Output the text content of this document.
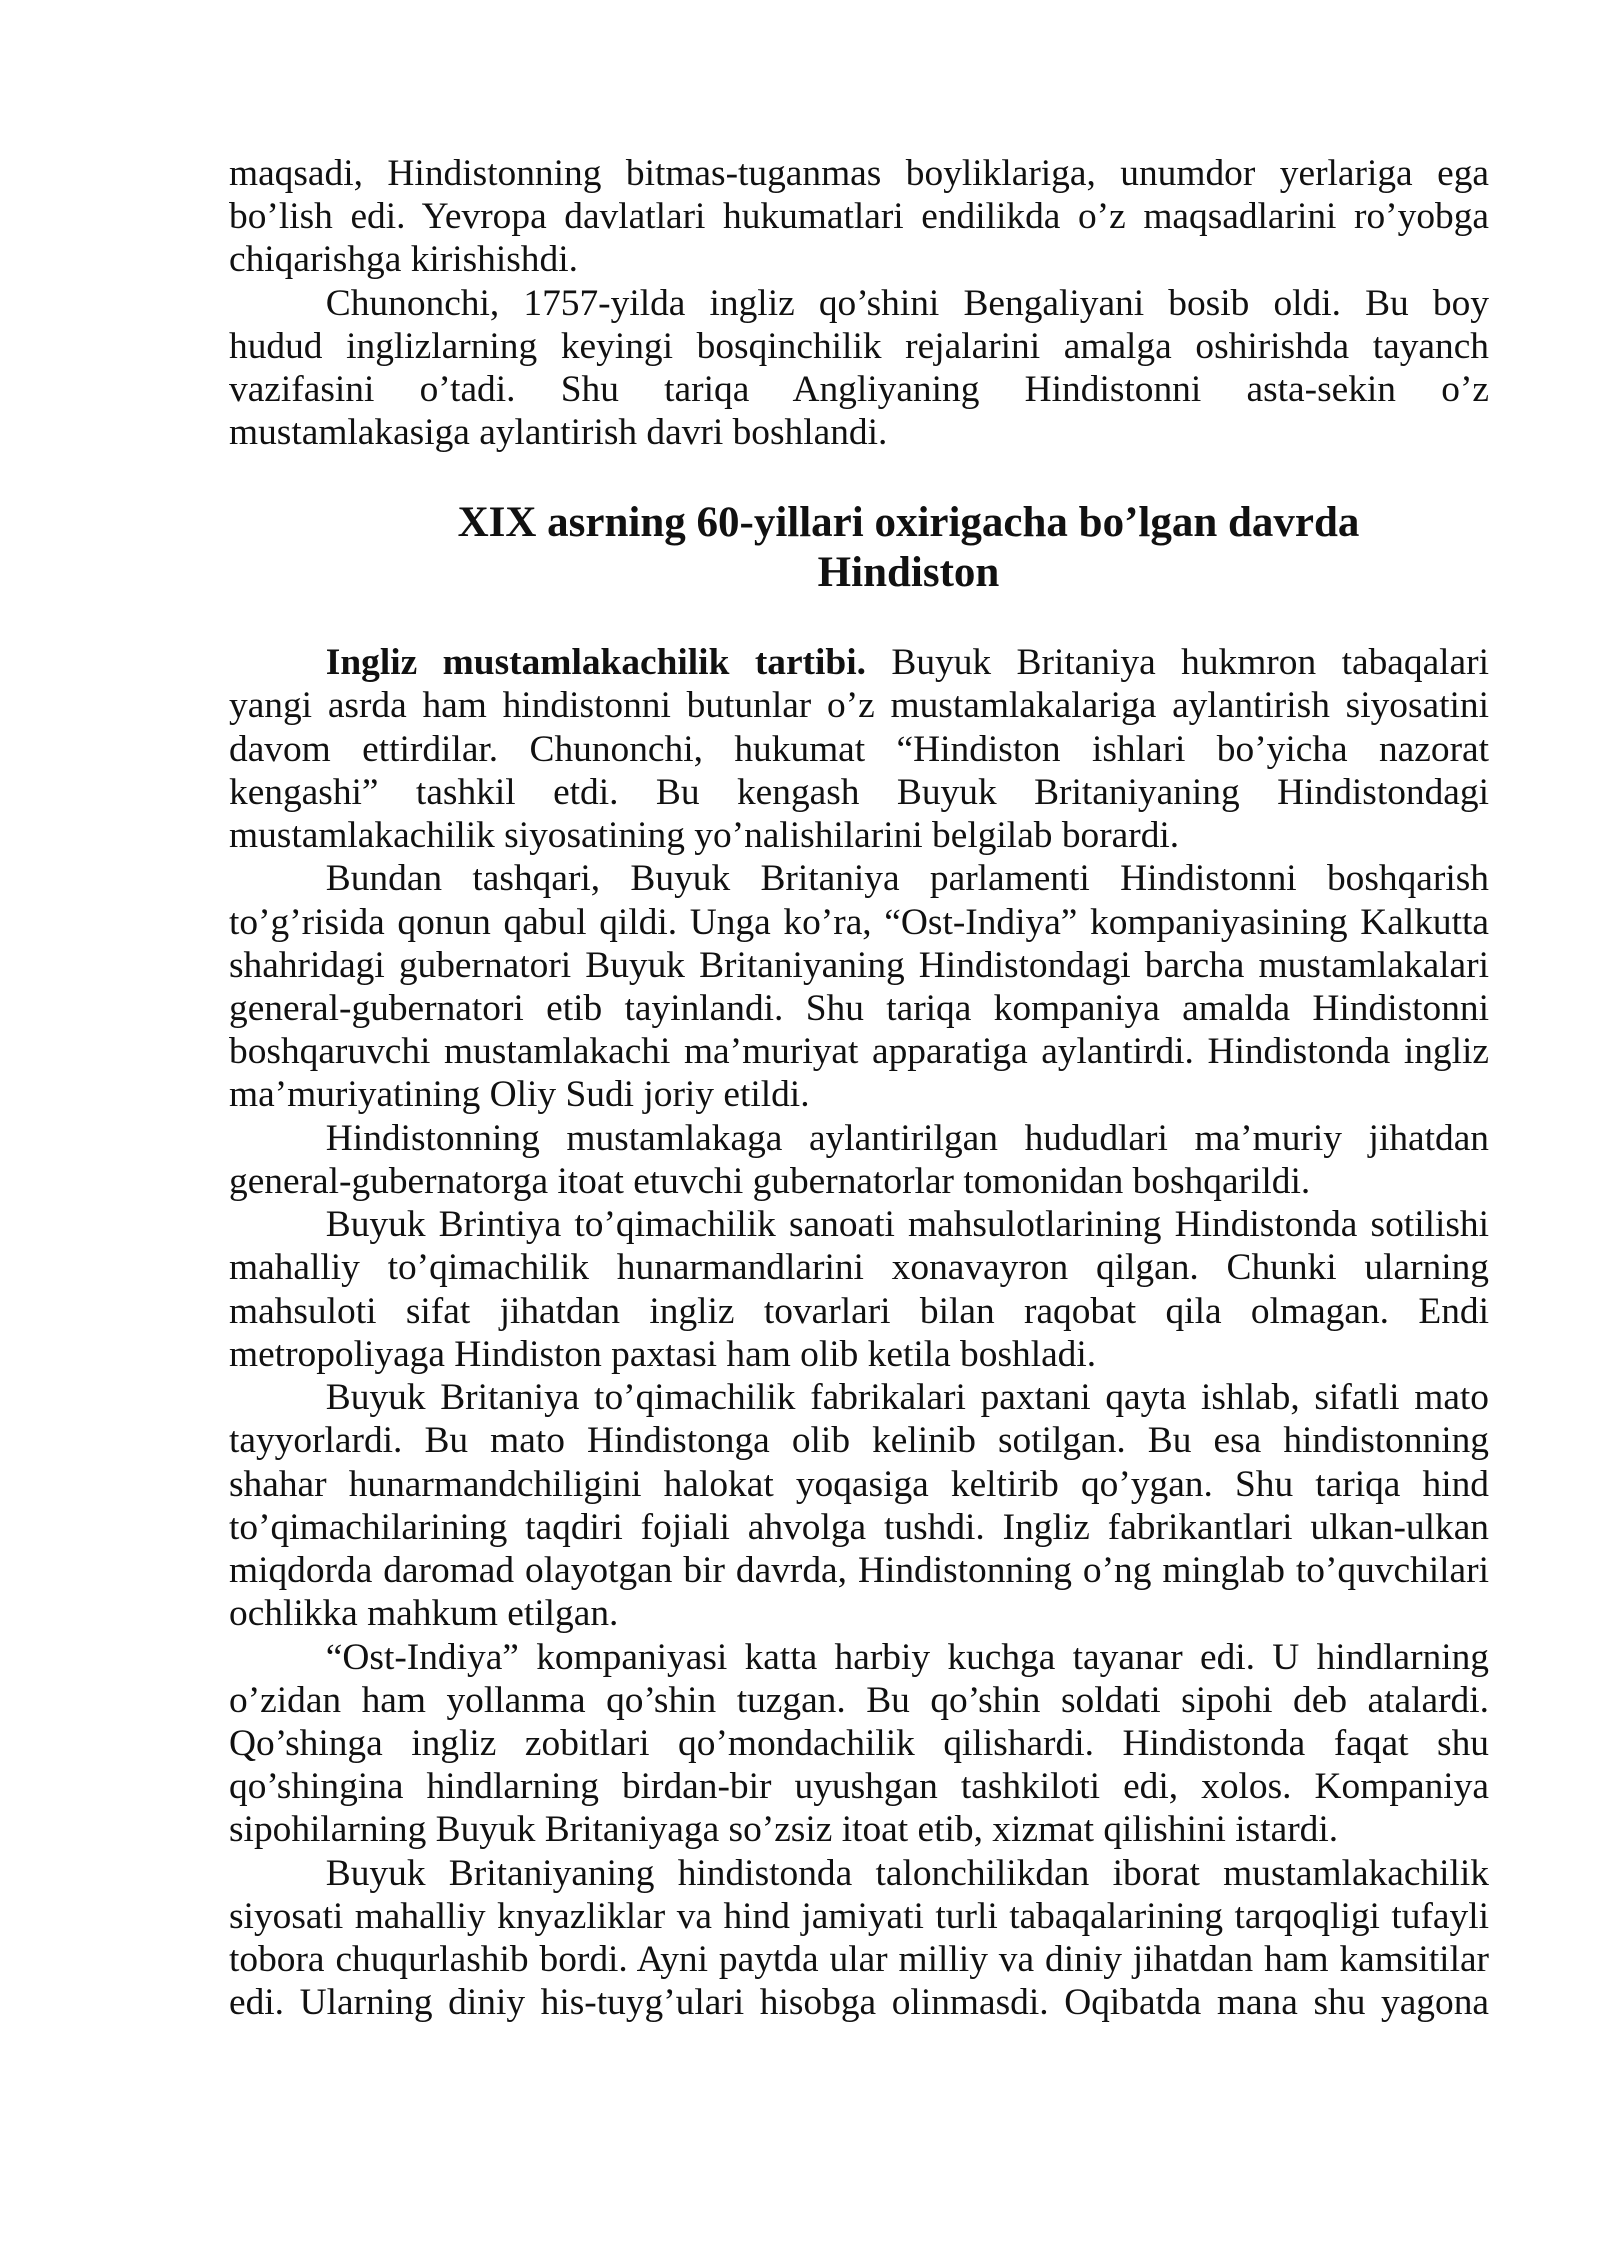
maqsadi, Hindistonning bitmas-tuganmas boyliklariga, unumdor yerlariga ega
bo’lish edi. Yevropa davlatlari hukumatlari endilikda o’z maqsadlarini ro’yobga
chiqarishga kirishishdi.
Chunonchi, 1757-yilda ingliz qo’shini Bengaliyani bosib oldi. Bu boy
hudud inglizlarning keyingi bosqinchilik rejalarini amalga oshirishda tayanch
vazifasini o’tadi. Shu tariqa Angliyaning Hindistonni asta-sekin o’z
mustamlakasiga aylantirish davri boshlandi.
XIX asrning 60-yillari oxirigacha bo’lgan davrda
Hindiston
Ingliz mustamlakachilik tartibi. Buyuk Britaniya hukmron tabaqalari
yangi asrda ham hindistonni butunlar o’z mustamlakalariga aylantirish siyosatini
davom ettirdilar. Chunonchi, hukumat “Hindiston ishlari bo’yicha nazorat
kengashi” tashkil etdi. Bu kengash Buyuk Britaniyaning Hindistondagi
mustamlakachilik siyosatining yo’nalishilarini belgilab borardi.
Bundan tashqari, Buyuk Britaniya parlamenti Hindistonni boshqarish
to’g’risida qonun qabul qildi. Unga ko’ra, “Ost-Indiya” kompaniyasining Kalkutta
shahridagi gubernatori Buyuk Britaniyaning Hindistondagi barcha mustamlakalari
general-gubernatori etib tayinlandi. Shu tariqa kompaniya amalda Hindistonni
boshqaruvchi mustamlakachi ma’muriyat apparatiga aylantirdi. Hindistonda ingliz
ma’muriyatining Oliy Sudi joriy etildi.
Hindistonning mustamlakaga aylantirilgan hududlari ma’muriy jihatdan
general-gubernatorga itoat etuvchi gubernatorlar tomonidan boshqarildi.
Buyuk Brintiya to’qimachilik sanoati mahsulotlarining Hindistonda sotilishi
mahalliy to’qimachilik hunarmandlarini xonavayron qilgan. Chunki ularning
mahsuloti sifat jihatdan ingliz tovarlari bilan raqobat qila olmagan. Endi
metropoliyaga Hindiston paxtasi ham olib ketila boshladi.
Buyuk Britaniya to’qimachilik fabrikalari paxtani qayta ishlab, sifatli mato
tayyorlardi. Bu mato Hindistonga olib kelinib sotilgan. Bu esa hindistonning
shahar hunarmandchiligini halokat yoqasiga keltirib qo’ygan. Shu tariqa hind
to’qimachilarining taqdiri fojiali ahvolga tushdi. Ingliz fabrikantlari ulkan-ulkan
miqdorda daromad olayotgan bir davrda, Hindistonning o’ng minglab to’quvchilari
ochlikka mahkum etilgan.
“Ost-Indiya” kompaniyasi katta harbiy kuchga tayanar edi. U hindlarning
o’zidan ham yollanma qo’shin tuzgan. Bu qo’shin soldati sipohi deb atalardi.
Qo’shinga ingliz zobitlari qo’mondachilik qilishardi. Hindistonda faqat shu
qo’shingina hindlarning birdan-bir uyushgan tashkiloti edi, xolos. Kompaniya
sipohilarning Buyuk Britaniyaga so’zsiz itoat etib, xizmat qilishini istardi.
Buyuk Britaniyaning hindistonda talonchilikdan iborat mustamlakachilik
siyosati mahalliy knyazliklar va hind jamiyati turli tabaqalarining tarqoqligi tufayli
tobora chuqurlashib bordi. Ayni paytda ular milliy va diniy jihatdan ham kamsitilar
edi. Ularning diniy his-tuyg’ulari hisobga olinmasdi. Oqibatda mana shu yagona
